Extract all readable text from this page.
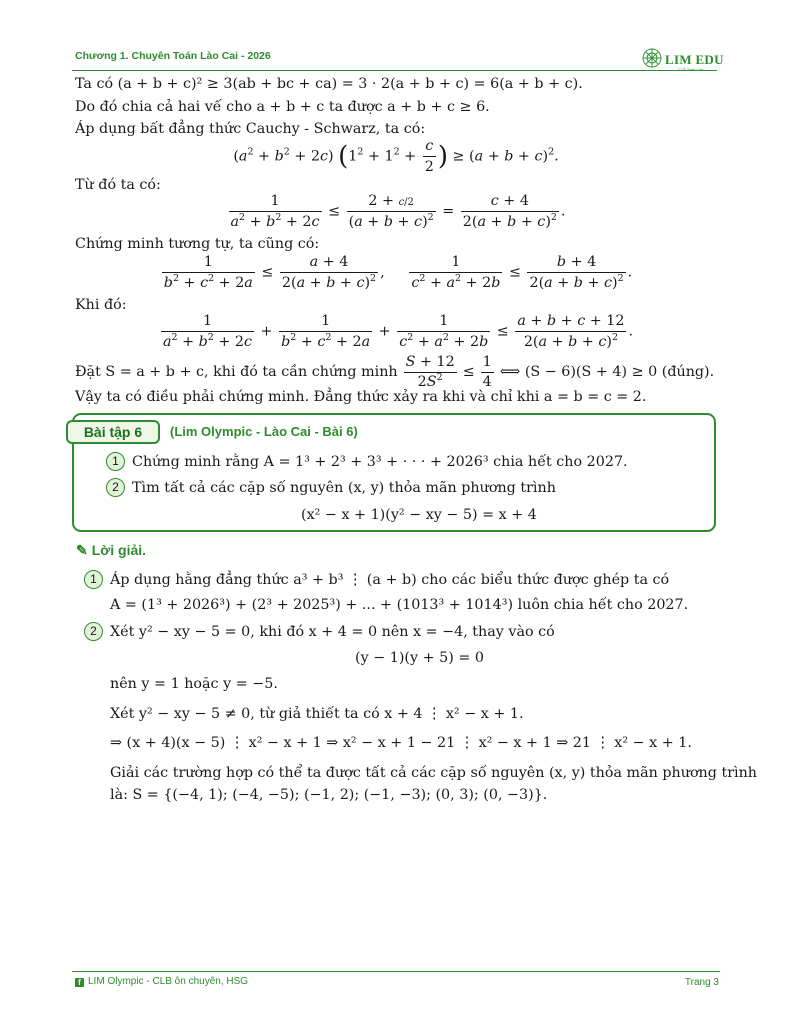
Chương 1. Chuyên Toán Lào Cai - 2026	LIM EDU
Ta có (a + b + c)² ≥ 3(ab + bc + ca) = 3 · 2(a + b + c) = 6(a + b + c).
Do đó chia cả hai vế cho a + b + c ta được a + b + c ≥ 6.
Áp dụng bất đẳng thức Cauchy - Schwarz, ta có:
$(a^2 + b^2 + 2c) (1^2 + 1^2 + \frac{c}{2}$ ) ≥ $(a + b + c)^2$.
Từ đó ta có:
$\frac{1}{a^2 + b^2 + 2c} \le \frac{2 + c/2}{(a + b + c)^2} = \frac{c + 4}{2(a + b + c)^2}$ .
Chứng minh tương tự, ta cũng có:
$\frac{1}{b^2 + c^2 + 2a} \le \frac{a + 4}{2(a + b + c)^2}$ , $\frac{1}{c^2 + a^2 + 2b} \le \frac{b + 4}{2(a + b + c)^2}$ .
Khi đó:
$\frac{1}{a^2 + b^2 + 2c} + \frac{1}{b^2 + c^2 + 2a} + \frac{1}{c^2 + a^2 + 2b} \le \frac{a + b + c + 12}{2(a + b + c)^2}$ .
Đặt S = a + b + c, khi đó ta cần chứng minh $\frac{S + 12}{2S^2} \le \frac{1}{4}$ ⟺ (S − 6)(S + 4) ≥ 0 (đúng).
Vậy ta có điều phải chứng minh. Đẳng thức xảy ra khi và chỉ khi a = b = c = 2.
Bài tập 6	(Lim Olympic - Lào Cai - Bài 6)
1 Chứng minh rằng A = 1³ + 2³ + 3³ + · · · + 2026³ chia hết cho 2027.
2 Tìm tất cả các cặp số nguyên (x, y) thỏa mãn phương trình
(x² − x + 1)(y² − xy − 5) = x + 4
✎ Lời giải.
1 Áp dụng hằng đẳng thức a³ + b³ ⋮ (a + b) cho các biểu thức được ghép ta có
A = (1³ + 2026³) + (2³ + 2025³) + ... + (1013³ + 1014³) luôn chia hết cho 2027.
2 Xét y² − xy − 5 = 0, khi đó x + 4 = 0 nên x = −4, thay vào có
(y − 1)(y + 5) = 0
nên y = 1 hoặc y = −5.
Xét y² − xy − 5 ≠ 0, từ giả thiết ta có x + 4 ⋮ x² − x + 1.
⇒ (x + 4)(x − 5) ⋮ x² − x + 1 ⇒ x² − x + 1 − 21 ⋮ x² − x + 1 ⇒ 21 ⋮ x² − x + 1.
Giải các trường hợp có thể ta được tất cả các cặp số nguyên (x, y) thỏa mãn phương trình
là: S = {(−4, 1); (−4, −5); (−1, 2); (−1, −3); (0, 3); (0, −3)}.
f LIM Olympic - CLB ôn chuyên, HSG	Trang 3
